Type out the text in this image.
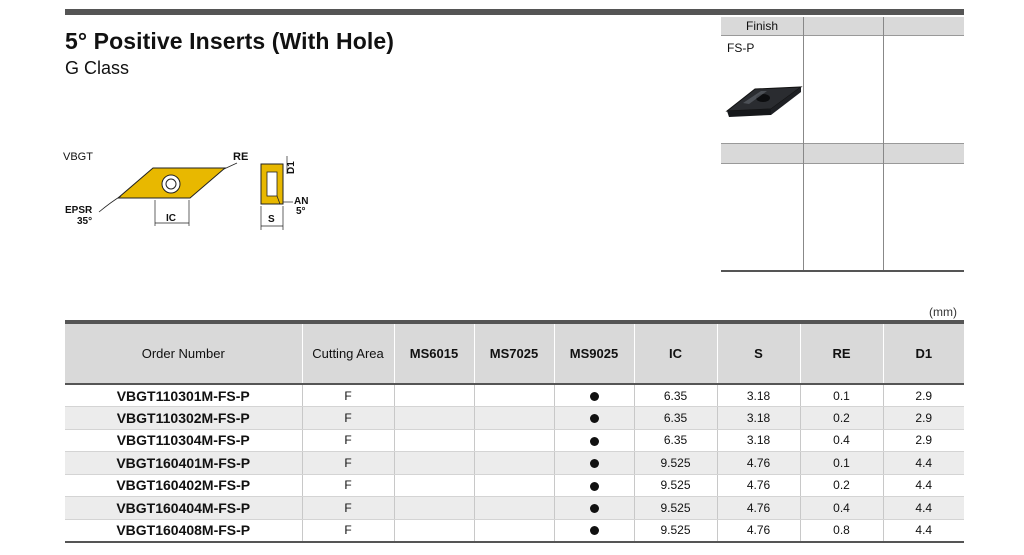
5° Positive Inserts (With Hole)
G Class
VBGT	RE
EPSR
35°	IC
D1
AN
5°
S
Finish
FS-P
(mm)
Order Number	Cutting Area	MS6015	MS7025	MS9025	IC	S	RE	D1
VBGT110301M-FS-P	F				6.35	3.18	0.1	2.9
VBGT110302M-FS-P	F				6.35	3.18	0.2	2.9
VBGT110304M-FS-P	F				6.35	3.18	0.4	2.9
VBGT160401M-FS-P	F				9.525	4.76	0.1	4.4
VBGT160402M-FS-P	F				9.525	4.76	0.2	4.4
VBGT160404M-FS-P	F				9.525	4.76	0.4	4.4
VBGT160408M-FS-P	F				9.525	4.76	0.8	4.4
